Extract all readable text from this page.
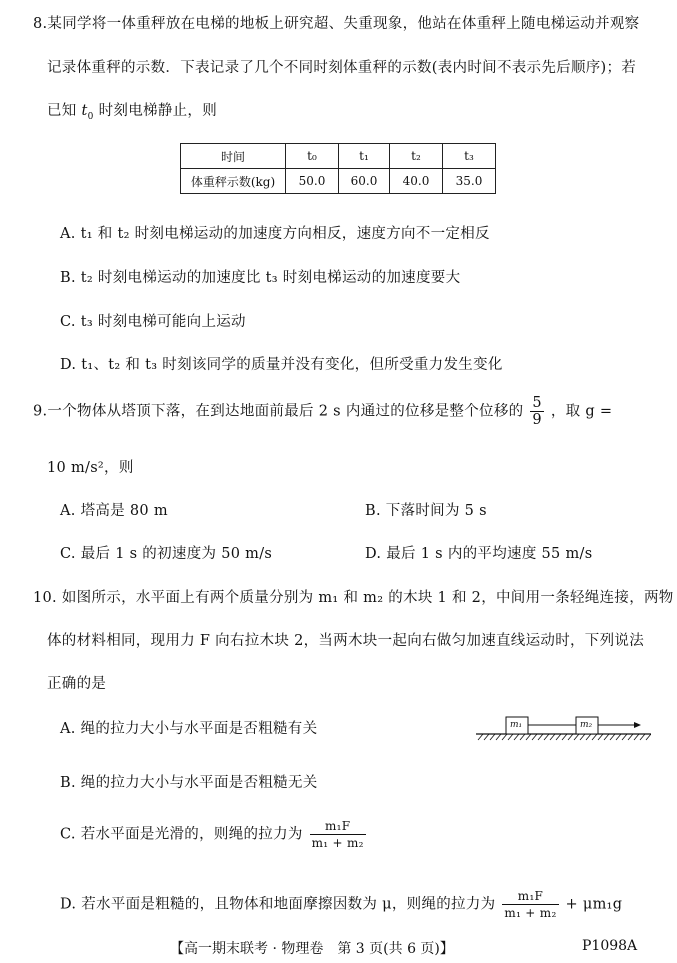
8.某同学将一体重秤放在电梯的地板上研究超、失重现象，他站在体重秤上随电梯运动并观察
记录体重秤的示数．下表记录了几个不同时刻体重秤的示数(表内时间不表示先后顺序)；若
已知 $t_0$ 时刻电梯静止，则
时间	t₀	t₁	t₂	t₃
体重秤示数(kg)	50.0	60.0	40.0	35.0
A. t₁ 和 t₂ 时刻电梯运动的加速度方向相反，速度方向不一定相反
B. t₂ 时刻电梯运动的加速度比 t₃ 时刻电梯运动的加速度要大
C. t₃ 时刻电梯可能向上运动
D. t₁、t₂ 和 t₃ 时刻该同学的质量并没有变化，但所受重力发生变化
9.一个物体从塔顶下落，在到达地面前最后 2 s 内通过的位移是整个位移的 $\frac{5}{9}$ ，取 g =
10 m/s²，则
A. 塔高是 80 m	B. 下落时间为 5 s
C. 最后 1 s 的初速度为 50 m/s	D. 最后 1 s 内的平均速度 55 m/s
10. 如图所示，水平面上有两个质量分别为 m₁ 和 m₂ 的木块 1 和 2，中间用一条轻绳连接，两物
体的材料相同，现用力 F 向右拉木块 2，当两木块一起向右做匀加速直线运动时，下列说法
正确的是
m₁	m₂
A. 绳的拉力大小与水平面是否粗糙有关
B. 绳的拉力大小与水平面是否粗糙无关
C. 若水平面是光滑的，则绳的拉力为 $\frac{\text{m₁F}}{\text{m₁ + m₂}}$
D. 若水平面是粗糙的，且物体和地面摩擦因数为 μ，则绳的拉力为 $\frac{\text{m₁F}}{\text{m₁ + m₂}} + \mu m_1g$
【高一期末联考 · 物理卷　第 3 页(共 6 页)】	P1098A
